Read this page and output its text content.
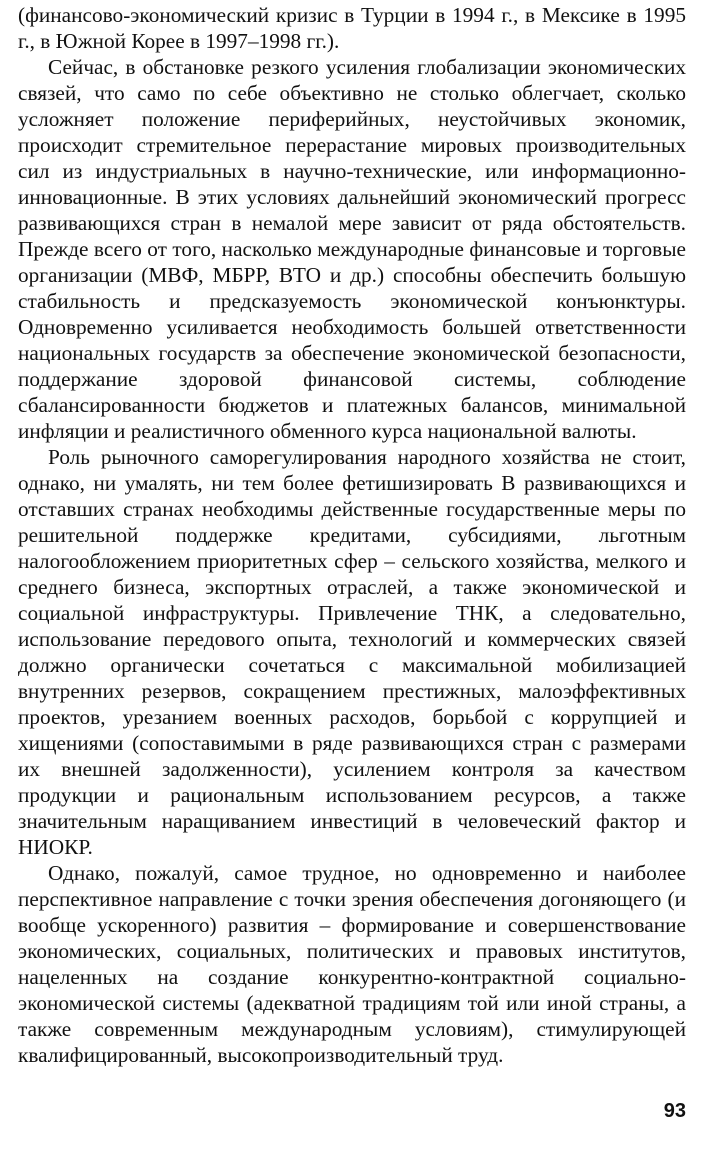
(финансово-экономический кризис в Турции в 1994 г., в Мексике в 1995 г., в Южной Корее в 1997–1998 гг.).

Сейчас, в обстановке резкого усиления глобализации экономических связей, что само по себе объективно не столько облегчает, сколько усложняет положение периферийных, неустойчивых экономик, происходит стремительное перерастание мировых производительных сил из индустриальных в научно-технические, или информационно-инновационные. В этих условиях дальнейший экономический прогресс развивающихся стран в немалой мере зависит от ряда обстоятельств. Прежде всего от того, насколько международные финансовые и торговые организации (МВФ, МБРР, ВТО и др.) способны обеспечить большую стабильность и предсказуемость экономической конъюнктуры. Одновременно усиливается необходимость большей ответственности национальных государств за обеспечение экономической безопасности, поддержание здоровой финансовой системы, соблюдение сбалансированности бюджетов и платежных балансов, минимальной инфляции и реалистичного обменного курса национальной валюты.

Роль рыночного саморегулирования народного хозяйства не стоит, однако, ни умалять, ни тем более фетишизировать В развивающихся и отставших странах необходимы действенные государственные меры по решительной поддержке кредитами, субсидиями, льготным налогообложением приоритетных сфер – сельского хозяйства, мелкого и среднего бизнеса, экспортных отраслей, а также экономической и социальной инфраструктуры. Привлечение ТНК, а следовательно, использование передового опыта, технологий и коммерческих связей должно органически сочетаться с максимальной мобилизацией внутренних резервов, сокращением престижных, малоэффективных проектов, урезанием военных расходов, борьбой с коррупцией и хищениями (сопоставимыми в ряде развивающихся стран с размерами их внешней задолженности), усилением контроля за качеством продукции и рациональным использованием ресурсов, а также значительным наращиванием инвестиций в человеческий фактор и НИОКР.

Однако, пожалуй, самое трудное, но одновременно и наиболее перспективное направление с точки зрения обеспечения догоняющего (и вообще ускоренного) развития – формирование и совершенствование экономических, социальных, политических и правовых институтов, нацеленных на создание конкурентно-контрактной социально-экономической системы (адекватной традициям той или иной страны, а также современным международным условиям), стимулирующей квалифицированный, высокопроизводительный труд.

93
